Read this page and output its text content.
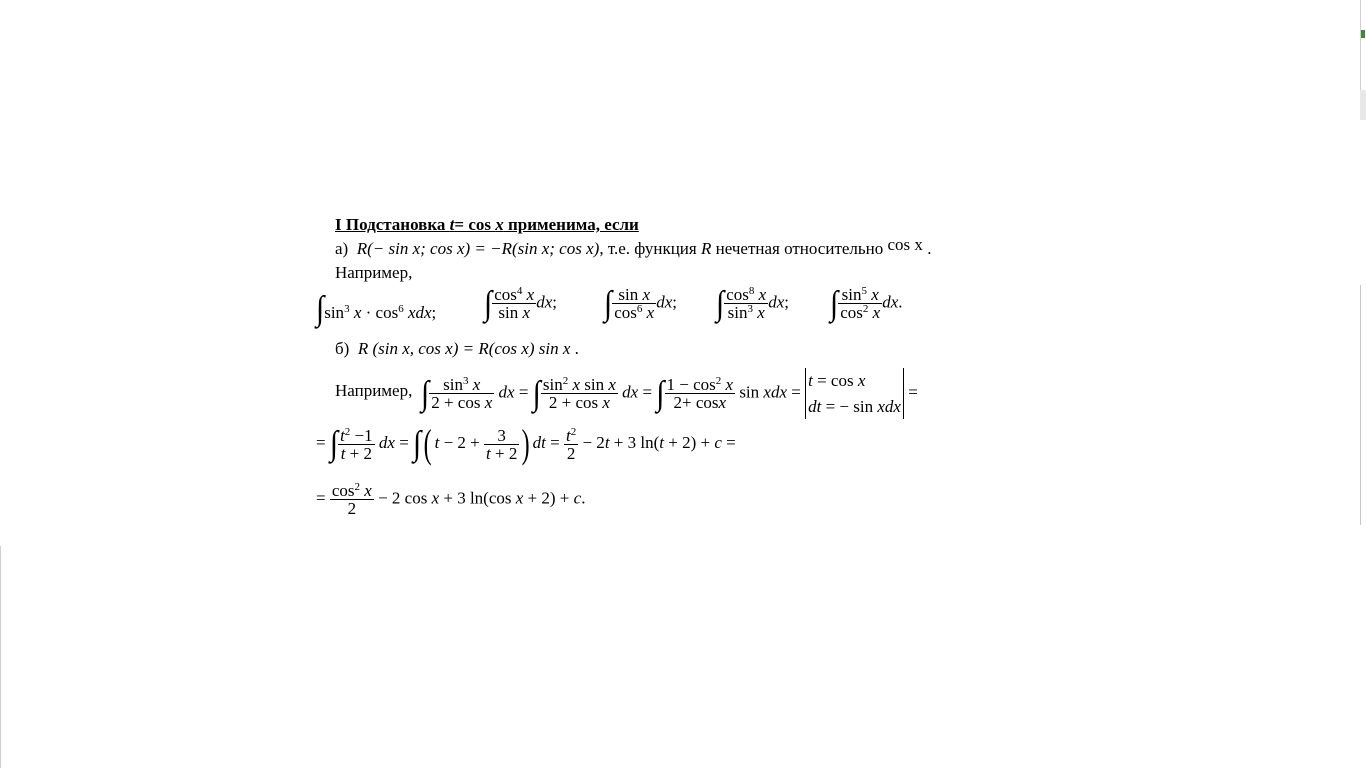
I Подстановка t= cos x применима, если
а) R(− sin x; cos x) = −R(sin x; cos x), т.е. функция R нечетная относительно cos x .
Например,
$\int\sin^3$ $x \cdot \cos^6$ xdx; ∫ $\frac{\cos^4 x}{\text{sin x}}$ dx; ∫ $\frac{\text{sin x}}{\cos^6 x}$ dx; ∫ $\frac{\cos^8 x}{\sin^3 x}$ dx; ∫ $\frac{\sin^5 x}{\cos^2 x}$ dx.
б) R (sin x, cos x) = R(cos x) sin x .
Например, ∫ $\frac{\sin^3 x}{\text{2 + cos x}}$ dx = ∫ $\frac{\sin^2 x \sin x}{\text{2 + cos x}}$ dx = ∫ $\frac{1 - \cos^2 x}{2+ \cos x}$ sin xdx = t = cos x
dt = − sin xdx =
= ∫ $\frac{t^2 -1}{t + 2}$ dx = ∫( $t - 2 + \frac{3}{t + 2}$ ) dt = $\frac{t^2}{2} - 2t + 3$ ln(t + 2) + c =
= $\frac{\cos^2 x}{2} - 2$ cos x + 3 ln(cos x + 2) + c.
